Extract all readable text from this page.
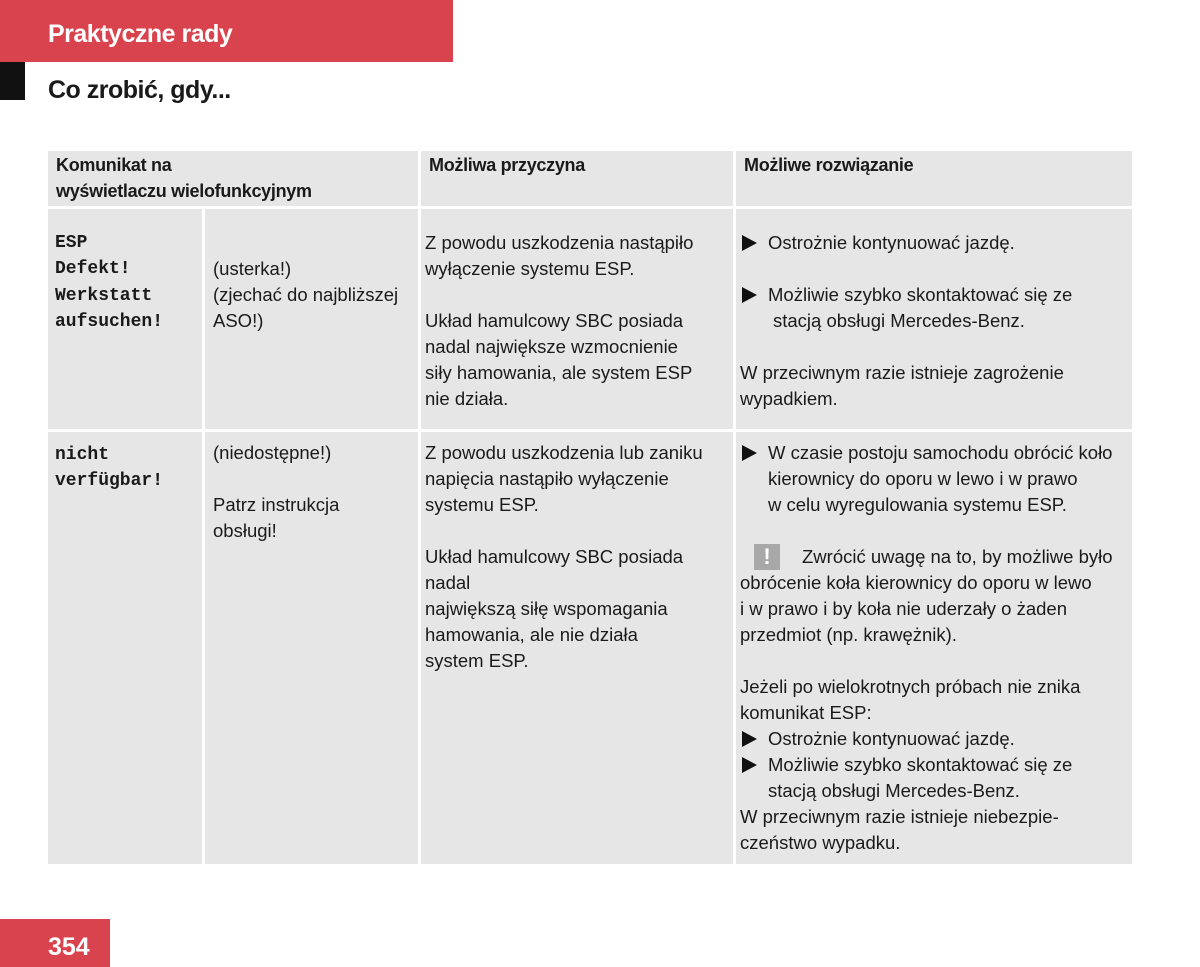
Praktyczne rady
Co zrobić, gdy...
Komunikat na
wyświetlaczu wielofunkcyjnym
Możliwa przyczyna	Możliwe rozwiązanie
ESP
Defekt!
Werkstatt
aufsuchen!
(usterka!)
(zjechać do najbliższej
ASO!)
Z powodu uszkodzenia nastąpiło
wyłączenie systemu ESP.
Układ hamulcowy SBC posiada
nadal największe wzmocnienie
siły hamowania, ale system ESP
nie działa.
Ostrożnie kontynuować jazdę.
Możliwie szybko skontaktować się ze
stacją obsługi Mercedes-Benz.
W przeciwnym razie istnieje zagrożenie
wypadkiem.
nicht
verfügbar!
(niedostępne!)
Patrz instrukcja
obsługi!
Z powodu uszkodzenia lub zaniku
napięcia nastąpiło wyłączenie
systemu ESP.
Układ hamulcowy SBC posiada nadal
największą siłę wspomagania
hamowania, ale nie działa
system ESP.
W czasie postoju samochodu obrócić koło
kierownicy do oporu w lewo i w prawo
w celu wyregulowania systemu ESP.
!	Zwrócić uwagę na to, by możliwe było
obrócenie koła kierownicy do oporu w lewo
i w prawo i by koła nie uderzały o żaden
przedmiot (np. krawężnik).
Jeżeli po wielokrotnych próbach nie znika
komunikat ESP:
Ostrożnie kontynuować jazdę.
Możliwie szybko skontaktować się ze
stacją obsługi Mercedes-Benz.
W przeciwnym razie istnieje niebezpie-
czeństwo wypadku.
354
